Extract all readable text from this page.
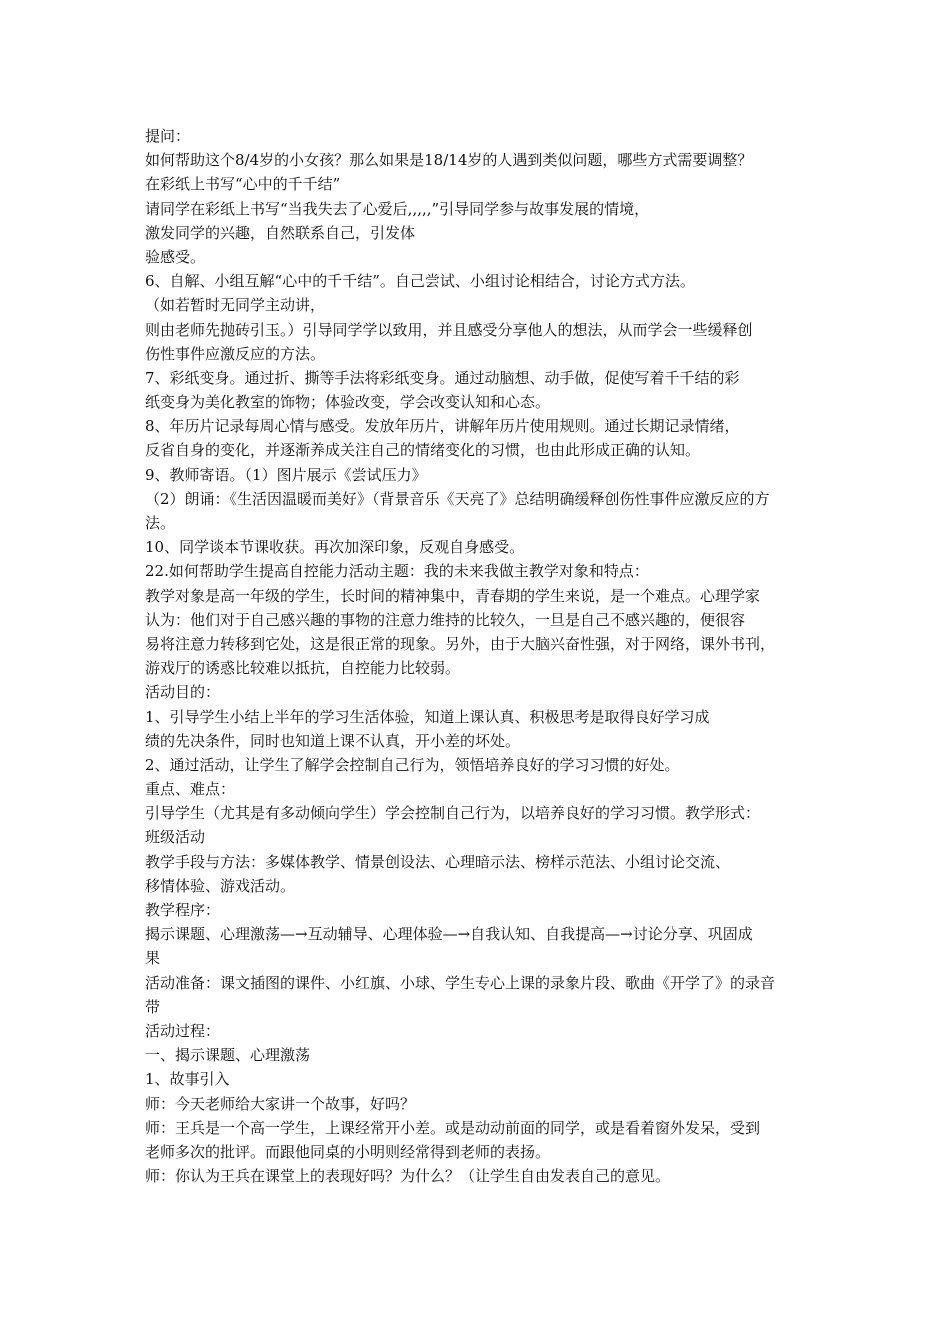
提问：
如何帮助这个8/4岁的小女孩？那么如果是18/14岁的人遇到类似问题，哪些方式需要调整？
在彩纸上书写“心中的千千结”
请同学在彩纸上书写“当我失去了心爱后,,,,,”引导同学参与故事发展的情境，
激发同学的兴趣，自然联系自己，引发体
验感受。
6、自解、小组互解“心中的千千结”。自己尝试、小组讨论相结合，讨论方式方法。
（如若暂时无同学主动讲，
则由老师先抛砖引玉。）引导同学学以致用，并且感受分享他人的想法，从而学会一些缓释创
伤性事件应激反应的方法。
7、彩纸变身。通过折、撕等手法将彩纸变身。通过动脑想、动手做，促使写着千千结的彩
纸变身为美化教室的饰物；体验改变，学会改变认知和心态。
8、年历片记录每周心情与感受。发放年历片，讲解年历片使用规则。通过长期记录情绪，
反省自身的变化，并逐渐养成关注自己的情绪变化的习惯，也由此形成正确的认知。
9、教师寄语。（1）图片展示《尝试压力》
（2）朗诵：《生活因温暖而美好》（背景音乐《天亮了》总结明确缓释创伤性事件应激反应的方
法。
10、同学谈本节课收获。再次加深印象，反观自身感受。
22.如何帮助学生提高自控能力活动主题：我的未来我做主教学对象和特点：
教学对象是高一年级的学生，长时间的精神集中，青春期的学生来说，是一个难点。心理学家
认为：他们对于自己感兴趣的事物的注意力维持的比较久，一旦是自己不感兴趣的，便很容
易将注意力转移到它处，这是很正常的现象。另外，由于大脑兴奋性强，对于网络，课外书刊，
游戏厅的诱惑比较难以抵抗，自控能力比较弱。
活动目的：
1、引导学生小结上半年的学习生活体验，知道上课认真、积极思考是取得良好学习成
绩的先决条件，同时也知道上课不认真，开小差的坏处。
2、通过活动，让学生了解学会控制自己行为，领悟培养良好的学习习惯的好处。
重点、难点：
引导学生（尤其是有多动倾向学生）学会控制自己行为，以培养良好的学习习惯。教学形式：
班级活动
教学手段与方法：多媒体教学、情景创设法、心理暗示法、榜样示范法、小组讨论交流、
移情体验、游戏活动。
教学程序：
揭示课题、心理激荡—→互动辅导、心理体验—→自我认知、自我提高—→讨论分享、巩固成
果
活动准备：课文插图的课件、小红旗、小球、学生专心上课的录象片段、歌曲《开学了》的录音
带
活动过程：
一、揭示课题、心理激荡
1、故事引入
师：今天老师给大家讲一个故事，好吗？
师：王兵是一个高一学生，上课经常开小差。或是动动前面的同学，或是看着窗外发呆，受到
老师多次的批评。而跟他同桌的小明则经常得到老师的表扬。
师：你认为王兵在课堂上的表现好吗？为什么？（让学生自由发表自己的意见。
